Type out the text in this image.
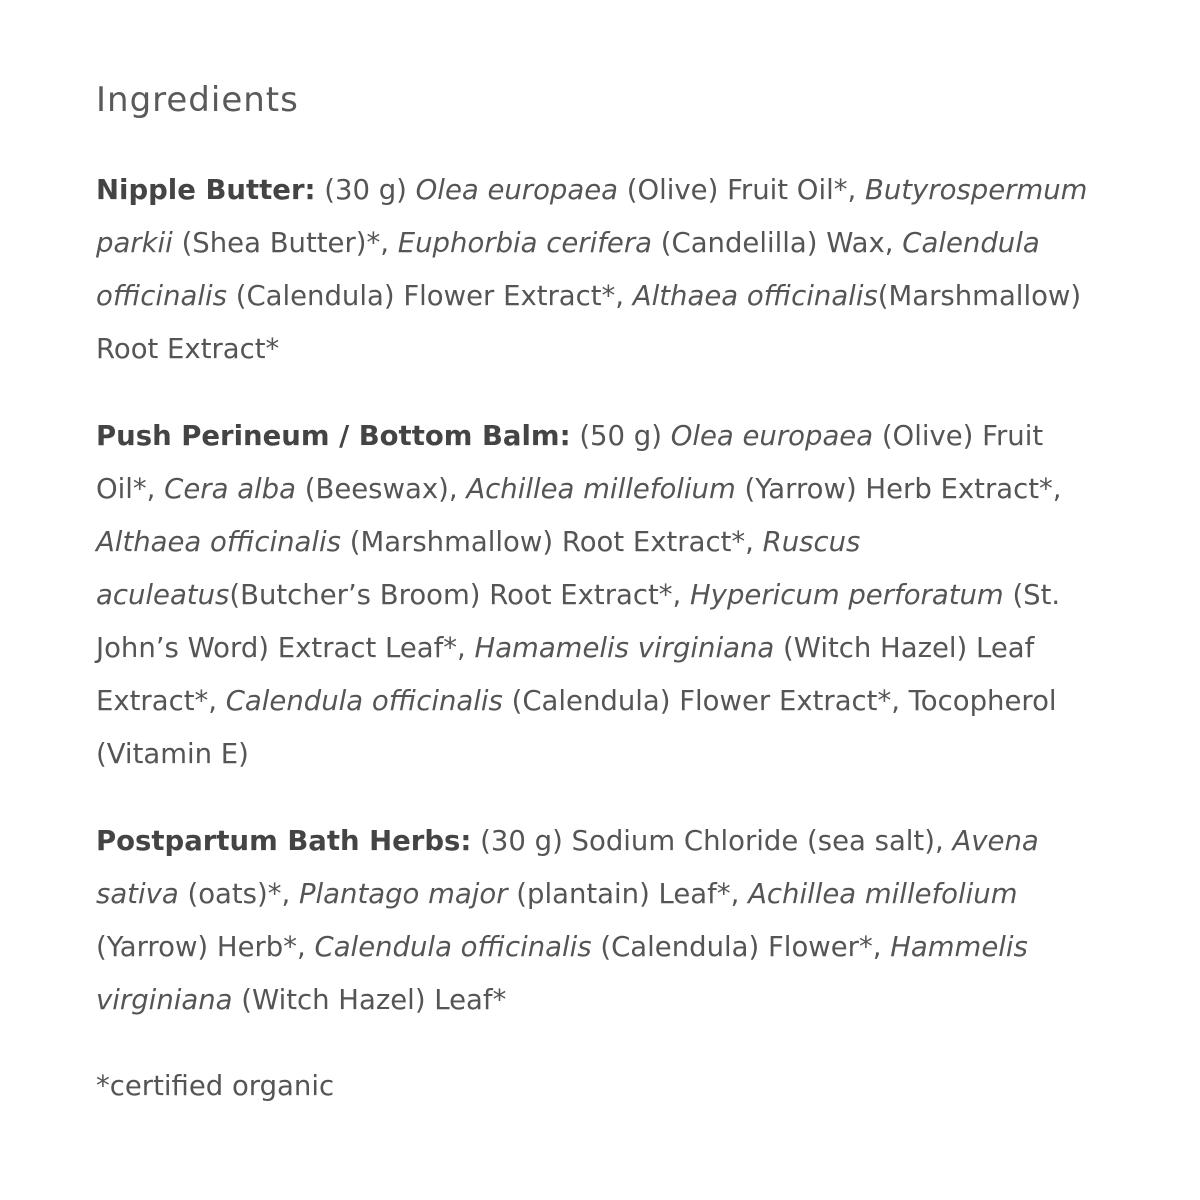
Ingredients

Nipple Butter: (30 g) Olea europaea (Olive) Fruit Oil*, Butyrospermum parkii (Shea Butter)*, Euphorbia cerifera (Candelilla) Wax, Calendula officinalis (Calendula) Flower Extract*, Althaea officinalis(Marshmallow) Root Extract*

Push Perineum / Bottom Balm: (50 g) Olea europaea (Olive) Fruit Oil*, Cera alba (Beeswax), Achillea millefolium (Yarrow) Herb Extract*, Althaea officinalis (Marshmallow) Root Extract*, Ruscus aculeatus(Butcher’s Broom) Root Extract*, Hypericum perforatum (St. John’s Word) Extract Leaf*, Hamamelis virginiana (Witch Hazel) Leaf Extract*, Calendula officinalis (Calendula) Flower Extract*, Tocopherol (Vitamin E)

Postpartum Bath Herbs: (30 g) Sodium Chloride (sea salt), Avena sativa (oats)*, Plantago major (plantain) Leaf*, Achillea millefolium (Yarrow) Herb*, Calendula officinalis (Calendula) Flower*, Hammelis virginiana (Witch Hazel) Leaf*

*certified organic
